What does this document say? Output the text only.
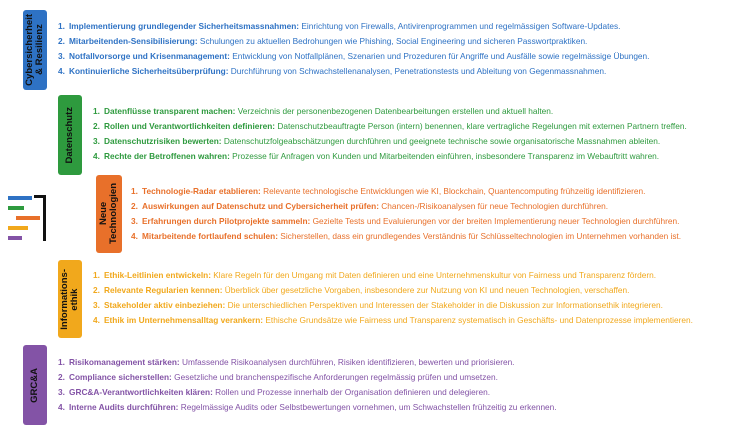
Cybersicherheit
& Resilienz 1. Implementierung grundlegender Sicherheitsmassnahmen: Einrichtung von Firewalls, Antivirenprogrammen und regelmässigen Software-Updates.
2. Mitarbeitenden-Sensibilisierung: Schulungen zu aktuellen Bedrohungen wie Phishing, Social Engineering und sicheren Passwortpraktiken.
3. Notfallvorsorge und Krisenmanagement: Entwicklung von Notfallplänen, Szenarien und Prozeduren für Angriffe und Ausfälle sowie regelmässige Übungen.
4. Kontinuierliche Sicherheitsüberprüfung: Durchführung von Schwachstellenanalysen, Penetrationstests und Ableitung von Gegenmassnahmen.
Datenschutz 1. Datenflüsse transparent machen: Verzeichnis der personenbezogenen Datenbearbeitungen erstellen und aktuell halten.
2. Rollen und Verantwortlichkeiten definieren: Datenschutzbeauftragte Person (intern) benennen, klare vertragliche Regelungen mit externen Partnern treffen.
3. Datenschutzrisiken bewerten: Datenschutzfolgeabschätzungen durchführen und geeignete technische sowie organisatorische Massnahmen ableiten.
4. Rechte der Betroffenen wahren: Prozesse für Anfragen von Kunden und Mitarbeitenden einführen, insbesondere Transparenz im Webauftritt wahren.
Neue
Technologien 1. Technologie-Radar etablieren: Relevante technologische Entwicklungen wie KI, Blockchain, Quantencomputing frühzeitig identifizieren.
2. Auswirkungen auf Datenschutz und Cybersicherheit prüfen: Chancen-/Risikoanalysen für neue Technologien durchführen.
3. Erfahrungen durch Pilotprojekte sammeln: Gezielte Tests und Evaluierungen vor der breiten Implementierung neuer Technologien durchführen.
4. Mitarbeitende fortlaufend schulen: Sicherstellen, dass ein grundlegendes Verständnis für Schlüsseltechnologien im Unternehmen vorhanden ist.
Informations-
ethik
1. Ethik-Leitlinien entwickeln: Klare Regeln für den Umgang mit Daten definieren und eine Unternehmenskultur von Fairness und Transparenz fördern.
2. Relevante Regularien kennen: Überblick über gesetzliche Vorgaben, insbesondere zur Nutzung von KI und neuen Technologien, verschaffen.
3. Stakeholder aktiv einbeziehen: Die unterschiedlichen Perspektiven und Interessen der Stakeholder in die Diskussion zur Informationsethik integrieren.
4. Ethik im Unternehmensalltag verankern: Ethische Grundsätze wie Fairness und Transparenz systematisch in Geschäfts- und Datenprozesse implementieren.
GRC&A
1. Risikomanagement stärken: Umfassende Risikoanalysen durchführen, Risiken identifizieren, bewerten und priorisieren.
2. Compliance sicherstellen: Gesetzliche und branchenspezifische Anforderungen regelmässig prüfen und umsetzen.
3. GRC&A-Verantwortlichkeiten klären: Rollen und Prozesse innerhalb der Organisation definieren und delegieren.
4. Interne Audits durchführen: Regelmässige Audits oder Selbstbewertungen vornehmen, um Schwachstellen frühzeitig zu erkennen.
